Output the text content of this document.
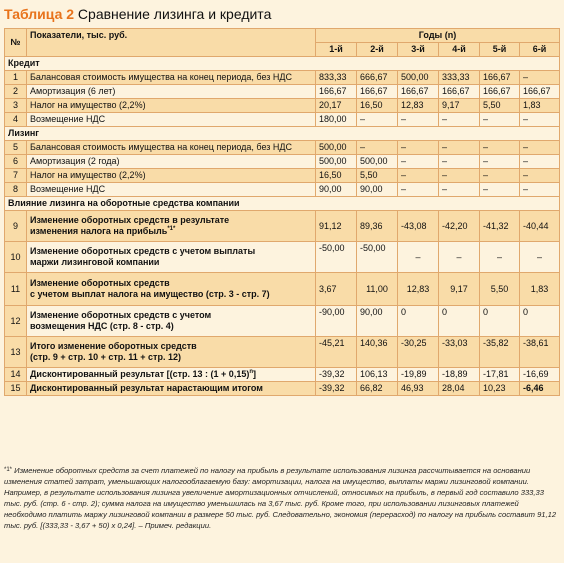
Таблица 2 Сравнение лизинга и кредита
№	Показатели, тыс. руб.	Годы (n)					
		1-й	2-й	3-й	4-й	5-й	6-й
Кредит							
1	Балансовая стоимость имущества на конец периода, без НДС	833,33	666,67	500,00	333,33	166,67	–
2	Амортизация (6 лет)	166,67	166,67	166,67	166,67	166,67	166,67
3	Налог на имущество (2,2%)	20,17	16,50	12,83	9,17	5,50	1,83
4	Возмещение НДС	180,00	–	–	–	–	–
Лизинг							
5	Балансовая стоимость имущества на конец периода, без НДС	500,00	–	–	–	–	–
6	Амортизация (2 года)	500,00	500,00	–	–	–	–
7	Налог на имущество (2,2%)	16,50	5,50	–	–	–	–
8	Возмещение НДС	90,00	90,00	–	–	–	–
Влияние лизинга на оборотные средства компании							
9	Изменение оборотных средств в результате
изменения налога на прибыль$^{*1*}$	91,12	89,36	-43,08	-42,20	-41,32	-40,44
10	Изменение оборотных средств с учетом выплаты
маржи лизинговой компании	-50,00	-50,00	–	–	–	–
11	Изменение оборотных средств
с учетом выплат налога на имущество (стр. 3 - стр. 7)	3,67	11,00	12,83	9,17	5,50	1,83
12	Изменение оборотных средств с учетом
возмещения НДС (стр. 8 - стр. 4)	-90,00	90,00	0	0	0	0
13	Итого изменение оборотных средств
(стр. 9 + стр. 10 + стр. 11 + стр. 12)	-45,21	140,36	-30,25	-33,03	-35,82	-38,61
14	Дисконтированный результат [(стр. 13 : $(1 + 0,15)^n$]	-39,32	106,13	-19,89	-18,89	-17,81	-16,69
15	Дисконтированный результат нарастающим итогом	-39,32	66,82	46,93	28,04	10,23	-6,46
$^{*1*}$ Изменение оборотных средств за счет платежей по налогу на прибыль в результате использования лизинга рассчитывается на основании изменения статей затрат, уменьшающих налогооблагаемую базу: амортизации, налога на имущество, выплаты маржи лизинговой компании. Например, в результате использования лизинга увеличение амортизационных отчислений, относимых на прибыль, в первый год составило 333,33 тыс. руб. (стр. 6 - стр. 2); сумма налога на имущество уменьшилась на 3,67 тыс. руб. Кроме того, при использовании лизинговых платежей необходимо платить маржу лизинговой компании в размере 50 тыс. руб. Следовательно, экономия (перерасход) по налогу на прибыль составит 91,12 тыс. руб. [(333,33 - 3,67 + 50) х 0,24]. – Примеч. редакции.
